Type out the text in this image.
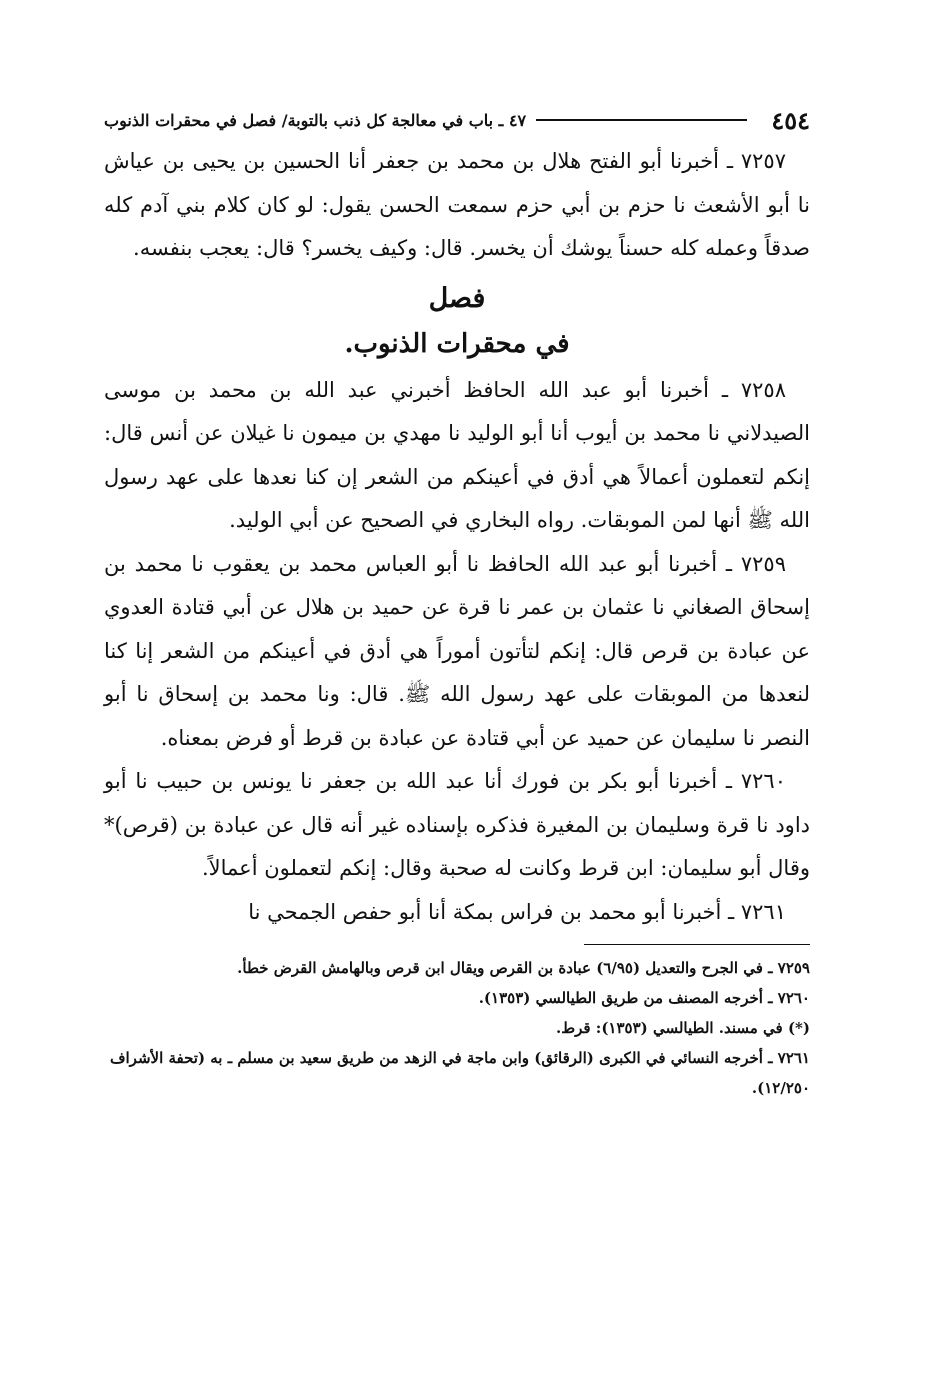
٤٥٤
٤٧ ـ باب في معالجة كل ذنب بالتوبة/ فصل في محقرات الذنوب

٧٢٥٧ ـ أخبرنا أبو الفتح هلال بن محمد بن جعفر أنا الحسين بن يحيى بن عياش نا أبو الأشعث نا حزم بن أبي حزم سمعت الحسن يقول: لو كان كلام بني آدم كله صدقاً وعمله كله حسناً يوشك أن يخسر. قال: وكيف يخسر؟ قال: يعجب بنفسه.

فصل
في محقرات الذنوب.

٧٢٥٨ ـ أخبرنا أبو عبد الله الحافظ أخبرني عبد الله بن محمد بن موسى الصيدلاني نا محمد بن أيوب أنا أبو الوليد نا مهدي بن ميمون نا غيلان عن أنس قال: إنكم لتعملون أعمالاً هي أدق في أعينكم من الشعر إن كنا نعدها على عهد رسول الله ﷺ أنها لمن الموبقات. رواه البخاري في الصحيح عن أبي الوليد.

٧٢٥٩ ـ أخبرنا أبو عبد الله الحافظ نا أبو العباس محمد بن يعقوب نا محمد بن إسحاق الصغاني نا عثمان بن عمر نا قرة عن حميد بن هلال عن أبي قتادة العدوي عن عبادة بن قرص قال: إنكم لتأتون أموراً هي أدق في أعينكم من الشعر إنا كنا لنعدها من الموبقات على عهد رسول الله ﷺ. قال: ونا محمد بن إسحاق نا أبو النصر نا سليمان عن حميد عن أبي قتادة عن عبادة بن قرط أو فرض بمعناه.

٧٢٦٠ ـ أخبرنا أبو بكر بن فورك أنا عبد الله بن جعفر نا يونس بن حبيب نا أبو داود نا قرة وسليمان بن المغيرة فذكره بإسناده غير أنه قال عن عبادة بن (قرص)* وقال أبو سليمان: ابن قرط وكانت له صحبة وقال: إنكم لتعملون أعمالاً.

٧٢٦١ ـ أخبرنا أبو محمد بن فراس بمكة أنا أبو حفص الجمحي نا

٧٢٥٩ ـ في الجرح والتعديل (٦/٩٥) عبادة بن القرص ويقال ابن قرص وبالهامش القرض خطأ.

٧٢٦٠ ـ أخرجه المصنف من طريق الطيالسي (١٣٥٣).

(*) في مسند. الطيالسي (١٣٥٣): قرط.

٧٢٦١ ـ أخرجه النسائي في الكبرى (الرقائق) وابن ماجة في الزهد من طريق سعيد بن مسلم ـ به (تحفة الأشراف ١٢/٢٥٠).
